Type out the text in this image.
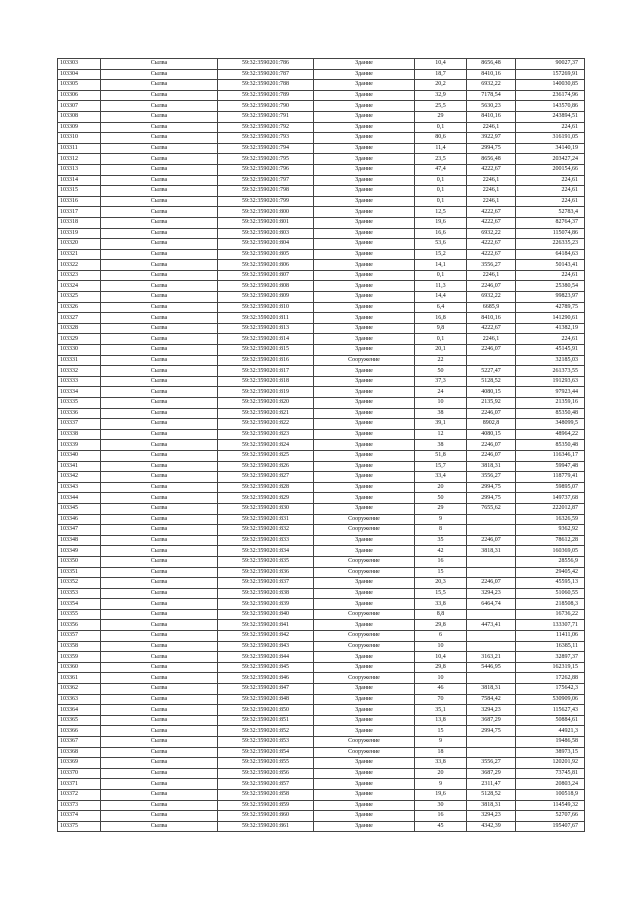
103303	Сылва	59:32:3590201:786	Здание	10,4	8656,48	90027,37
103304	Сылва	59:32:3590201:787	Здание	18,7	8410,16	157269,91
103305	Сылва	59:32:3590201:788	Здание	20,2	6932,22	140030,85
103306	Сылва	59:32:3590201:789	Здание	32,9	7178,54	236174,96
103307	Сылва	59:32:3590201:790	Здание	25,5	5630,23	143570,86
103308	Сылва	59:32:3590201:791	Здание	29	8410,16	243894,51
103309	Сылва	59:32:3590201:792	Здание	0,1	2246,1	224,61
103310	Сылва	59:32:3590201:793	Здание	80,6	3922,97	316191,05
103311	Сылва	59:32:3590201:794	Здание	11,4	2994,75	34140,19
103312	Сылва	59:32:3590201:795	Здание	23,5	8656,48	203427,24
103313	Сылва	59:32:3590201:796	Здание	47,4	4222,67	200154,66
103314	Сылва	59:32:3590201:797	Здание	0,1	2246,1	224,61
103315	Сылва	59:32:3590201:798	Здание	0,1	2246,1	224,61
103316	Сылва	59:32:3590201:799	Здание	0,1	2246,1	224,61
103317	Сылва	59:32:3590201:800	Здание	12,5	4222,67	52783,4
103318	Сылва	59:32:3590201:801	Здание	19,6	4222,67	82764,37
103319	Сылва	59:32:3590201:803	Здание	16,6	6932,22	115074,86
103320	Сылва	59:32:3590201:804	Здание	53,6	4222,67	226335,23
103321	Сылва	59:32:3590201:805	Здание	15,2	4222,67	64184,63
103322	Сылва	59:32:3590201:806	Здание	14,1	3556,27	50143,41
103323	Сылва	59:32:3590201:807	Здание	0,1	2246,1	224,61
103324	Сылва	59:32:3590201:808	Здание	11,3	2246,07	25380,54
103325	Сылва	59:32:3590201:809	Здание	14,4	6932,22	99823,97
103326	Сылва	59:32:3590201:810	Здание	6,4	6685,9	42789,75
103327	Сылва	59:32:3590201:811	Здание	16,8	8410,16	141290,61
103328	Сылва	59:32:3590201:813	Здание	9,8	4222,67	41382,19
103329	Сылва	59:32:3590201:814	Здание	0,1	2246,1	224,61
103330	Сылва	59:32:3590201:815	Здание	20,1	2246,07	45145,91
103331	Сылва	59:32:3590201:816	Сооружение	22		32185,03
103332	Сылва	59:32:3590201:817	Здание	50	5227,47	261373,55
103333	Сылва	59:32:3590201:818	Здание	37,3	5128,52	191293,63
103334	Сылва	59:32:3590201:819	Здание	24	4080,15	97923,44
103335	Сылва	59:32:3590201:820	Здание	10	2135,92	21359,16
103336	Сылва	59:32:3590201:821	Здание	38	2246,07	85350,48
103337	Сылва	59:32:3590201:822	Здание	39,1	8902,8	348099,5
103338	Сылва	59:32:3590201:823	Здание	12	4080,15	48964,22
103339	Сылва	59:32:3590201:824	Здание	38	2246,07	85350,48
103340	Сылва	59:32:3590201:825	Здание	51,8	2246,07	116346,17
103341	Сылва	59:32:3590201:826	Здание	15,7	3818,31	59947,48
103342	Сылва	59:32:3590201:827	Здание	33,4	3556,27	118779,41
103343	Сылва	59:32:3590201:828	Здание	20	2994,75	59895,07
103344	Сылва	59:32:3590201:829	Здание	50	2994,75	149737,68
103345	Сылва	59:32:3590201:830	Здание	29	7655,62	222012,87
103346	Сылва	59:32:3590201:831	Сооружение	9		16326,59
103347	Сылва	59:32:3590201:832	Сооружение	8		9362,92
103348	Сылва	59:32:3590201:833	Здание	35	2246,07	78612,28
103349	Сылва	59:32:3590201:834	Здание	42	3818,31	160369,05
103350	Сылва	59:32:3590201:835	Сооружение	16		28556,9
103351	Сылва	59:32:3590201:836	Сооружение	15		29405,42
103352	Сылва	59:32:3590201:837	Здание	20,3	2246,07	45595,13
103353	Сылва	59:32:3590201:838	Здание	15,5	3294,23	51060,55
103354	Сылва	59:32:3590201:839	Здание	33,8	6464,74	218508,3
103355	Сылва	59:32:3590201:840	Сооружение	8,8		16736,22
103356	Сылва	59:32:3590201:841	Здание	29,8	4473,41	133307,71
103357	Сылва	59:32:3590201:842	Сооружение	6		11411,06
103358	Сылва	59:32:3590201:843	Сооружение	10		16385,11
103359	Сылва	59:32:3590201:844	Здание	10,4	3163,21	32897,37
103360	Сылва	59:32:3590201:845	Здание	29,8	5446,95	162319,15
103361	Сылва	59:32:3590201:846	Сооружение	10		17262,88
103362	Сылва	59:32:3590201:847	Здание	46	3818,31	175642,3
103363	Сылва	59:32:3590201:848	Здание	70	7584,42	530909,06
103364	Сылва	59:32:3590201:850	Здание	35,1	3294,23	115627,43
103365	Сылва	59:32:3590201:851	Здание	13,8	3687,29	50884,61
103366	Сылва	59:32:3590201:852	Здание	15	2994,75	44921,3
103367	Сылва	59:32:3590201:853	Сооружение	9		19486,58
103368	Сылва	59:32:3590201:854	Сооружение	18		38973,15
103369	Сылва	59:32:3590201:855	Здание	33,8	3556,27	120201,92
103370	Сылва	59:32:3590201:856	Здание	20	3687,29	73745,81
103371	Сылва	59:32:3590201:857	Здание	9	2311,47	20803,24
103372	Сылва	59:32:3590201:858	Здание	19,6	5128,52	100518,9
103373	Сылва	59:32:3590201:859	Здание	30	3818,31	114549,32
103374	Сылва	59:32:3590201:860	Здание	16	3294,23	52707,66
103375	Сылва	59:32:3590201:861	Здание	45	4342,39	195407,67
